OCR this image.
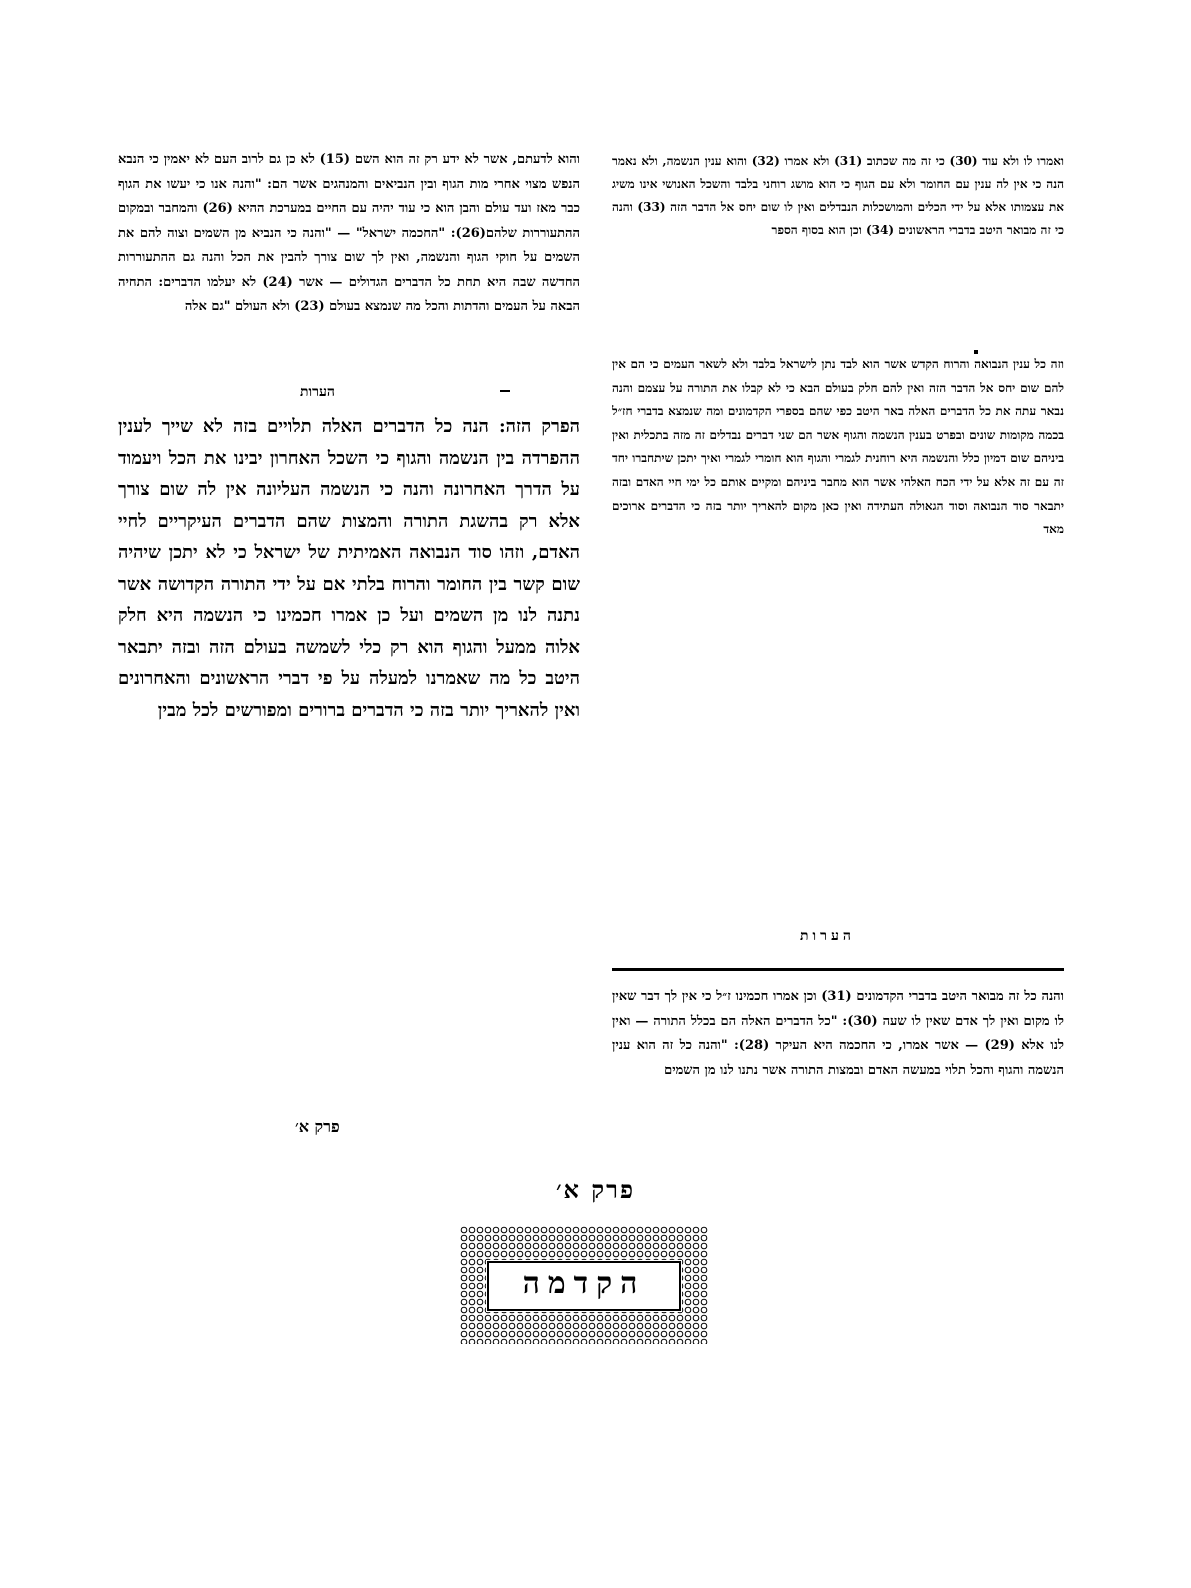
והוא לדעתם, אשר לא ידע רק זה הוא השם (15) לא כן גם לרוב העם לא יאמין כי הנבא הנפש מצוי אחרי מות הגוף ובין הנביאים והמנהגים אשר הם: "והנה אנו כי יעשו את הגוף כבר מאז ועד עולם והבן הוא כי עוד יהיה עם החיים במערכת ההיא (26) והמחבר ובמקום ההתעוררות שלהם(26): "החכמה ישראל" — "והנה כי הנביא מן השמים וצוה להם את השמים על חוקי הגוף והנשמה, ואין לך שום צורך להבין את הכל והנה גם ההתעוררות החדשה שבה היא תחת כל הדברים הגדולים — אשר (24) לא יעלמו הדברים: התחיה הבאה על העמים והדתות והכל מה שנמצא בעולם (23) ולא העולם "גם אלה

הערות

הפרק הזה: הנה כל הדברים האלה תלויים בזה לא שייך לענין ההפרדה בין הנשמה והגוף כי השכל האחרון יבינו את הכל ויעמוד על הדרך האחרונה והנה כי הנשמה העליונה אין לה שום צורך אלא רק בהשגת התורה והמצות שהם הדברים העיקריים לחיי האדם, וזהו סוד הנבואה האמיתית של ישראל כי לא יתכן שיהיה שום קשר בין החומר והרוח בלתי אם על ידי התורה הקדושה אשר נתנה לנו מן השמים ועל כן אמרו חכמינו כי הנשמה היא חלק אלוה ממעל והגוף הוא רק כלי לשמשה בעולם הזה ובזה יתבאר היטב כל מה שאמרנו למעלה על פי דברי הראשונים והאחרונים ואין להאריך יותר בזה כי הדברים ברורים ומפורשים לכל מבין

פרק א׳

ואמרו לו ולא עוד (30) כי זה מה שכתוב (31) ולא אמרו (32) והוא ענין הנשמה, ולא נאמר הנה כי אין לה ענין עם החומר ולא עם הגוף כי הוא מושג רוחני בלבד והשכל האנושי אינו משיג את עצמותו אלא על ידי הכלים והמושכלות הנבדלים ואין לו שום יחס אל הדבר הזה (33) והנה כי זה מבואר היטב בדברי הראשונים (34) וכן הוא בסוף הספר

וזה כל ענין הנבואה והרוח הקדש אשר הוא לבד נתן לישראל בלבד ולא לשאר העמים כי הם אין להם שום יחס אל הדבר הזה ואין להם חלק בעולם הבא כי לא קבלו את התורה על עצמם והנה נבאר עתה את כל הדברים האלה באר היטב כפי שהם בספרי הקדמונים ומה שנמצא בדברי חז״ל בכמה מקומות שונים ובפרט בענין הנשמה והגוף אשר הם שני דברים נבדלים זה מזה בתכלית ואין ביניהם שום דמיון כלל והנשמה היא רוחנית לגמרי והגוף הוא חומרי לגמרי ואיך יתכן שיתחברו יחד זה עם זה אלא על ידי הכח האלהי אשר הוא מחבר ביניהם ומקיים אותם כל ימי חיי האדם ובזה יתבאר סוד הנבואה וסוד הגאולה העתידה ואין כאן מקום להאריך יותר בזה כי הדברים ארוכים מאד

הערות

והנה כל זה מבואר היטב בדברי הקדמונים (31) וכן אמרו חכמינו ז״ל כי אין לך דבר שאין לו מקום ואין לך אדם שאין לו שעה (30): "כל הדברים האלה הם בכלל התורה — ואין לנו אלא (29) — אשר אמרו, כי החכמה היא העיקר (28): "והנה כל זה הוא ענין הנשמה והגוף והכל תלוי במעשה האדם ובמצות התורה אשר נתנו לנו מן השמים

פרק א׳
הקדמה
